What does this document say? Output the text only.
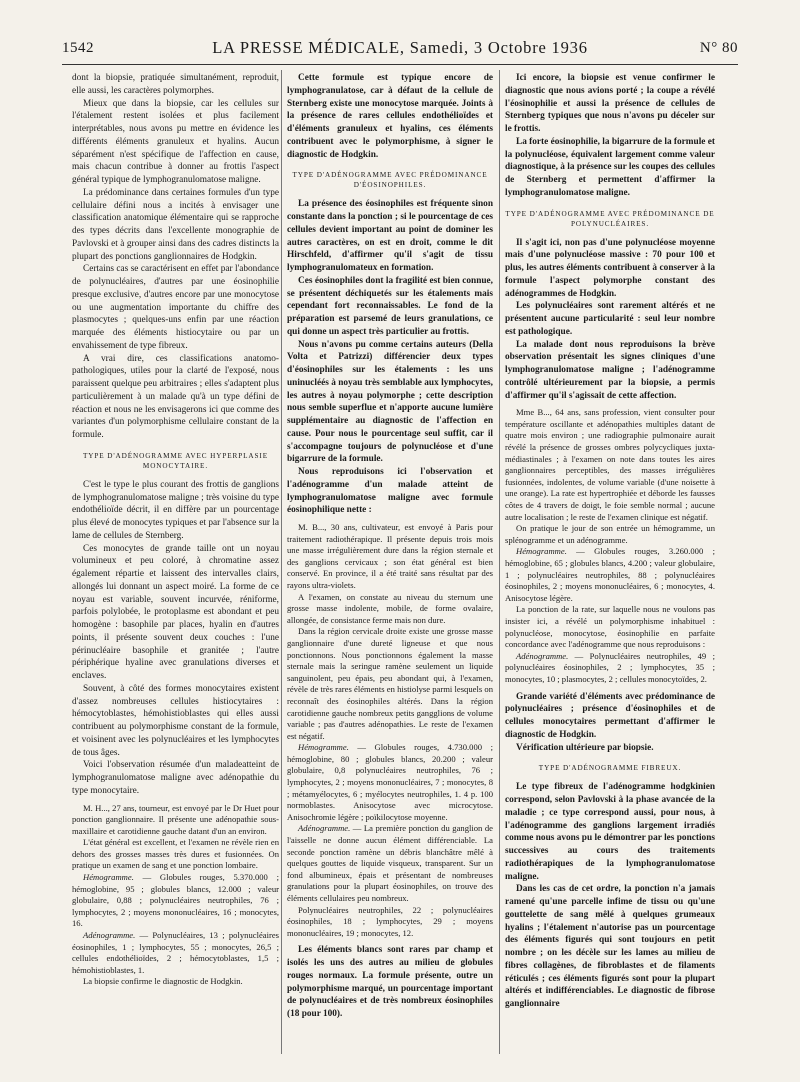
1542	LA PRESSE MÉDICALE, Samedi, 3 Octobre 1936	N° 80

dont la biopsie, pratiquée simultanément, reproduit, elle aussi, les caractères polymorphes.

Mieux que dans la biopsie, car les cellules sur l'étalement restent isolées et plus facilement interprétables, nous avons pu mettre en évidence les différents éléments granuleux et hyalins. Aucun séparément n'est spécifique de l'affection en cause, mais chacun contribue à donner au frottis l'aspect général typique de lymphogranulomatose maligne.

La prédominance dans certaines formules d'un type cellulaire défini nous a incités à envisager une classification anatomique élémentaire qui se rapproche des types décrits dans l'excellente monographie de Pavlovski et à grouper ainsi dans des cadres distincts la plupart des ponctions ganglionnaires de Hodgkin.

Certains cas se caractérisent en effet par l'abondance de polynucléaires, d'autres par une éosinophilie presque exclusive, d'autres encore par une monocytose ou une augmentation importante du chiffre des plasmocytes ; quelques-uns enfin par une réaction marquée des éléments histiocytaire ou par un envahissement de type fibreux.

A vrai dire, ces classifications anatomo-pathologiques, utiles pour la clarté de l'exposé, nous paraissent quelque peu arbitraires ; elles s'adaptent plus particulièrement à un malade qu'à un type défini de réaction et nous ne les envisagerons ici que comme des variantes d'un polymorphisme cellulaire constant de la formule.

TYPE D'ADÉNOGRAMME AVEC HYPERPLASIE MONOCYTAIRE.

C'est le type le plus courant des frottis de ganglions de lymphogranulomatose maligne ; très voisine du type endothélioïde décrit, il en diffère par un pourcentage plus élevé de monocytes typiques et par l'absence sur la lame de cellules de Sternberg.

Ces monocytes de grande taille ont un noyau volumineux et peu coloré, à chromatine assez également répartie et laissent des intervalles clairs, allongés lui donnant un aspect moiré. La forme de ce noyau est variable, souvent incurvée, réniforme, parfois polylobée, le protoplasme est abondant et peu homogène : basophile par places, hyalin en d'autres points, il présente souvent deux couches : l'une périnucléaire basophile et granitée ; l'autre périphérique hyaline avec granulations diverses et enclaves.

Souvent, à côté des formes monocytaires existent d'assez nombreuses cellules histiocytaires : hémocytoblastes, hémohistioblastes qui elles aussi contribuent au polymorphisme constant de la formule, et voisinent avec les polynucléaires et les lymphocytes de tous âges.

Voici l'observation résumée d'un maladeatteint de lymphogranulomatose maligne avec adénopathie du type monocytaire.

M. H..., 27 ans, tourneur, est envoyé par le Dr Huet pour ponction ganglionnaire. Il présente une adénopathie sous-maxillaire et carotidienne gauche datant d'un an environ.

L'état général est excellent, et l'examen ne révèle rien en dehors des grosses masses très dures et fusionnées. On pratique un examen de sang et une ponction lombaire.

Hémogramme. — Globules rouges, 5.370.000 ; hémoglobine, 95 ; globules blancs, 12.000 ; valeur globulaire, 0,88 ; polynucléaires neutrophiles, 76 ; lymphocytes, 2 ; moyens mononucléaires, 16 ; monocytes, 16.

Adénogramme. — Polynucléaires, 13 ; polynucléaires éosinophiles, 1 ; lymphocytes, 55 ; monocytes, 26,5 ; cellules endothélioïdes, 2 ; hémocytoblastes, 1,5 ; hémohistioblastes, 1.

La biopsie confirme le diagnostic de Hodgkin.

Cette formule est typique encore de lymphogranulatose, car à défaut de la cellule de Sternberg existe une monocytose marquée. Joints à la présence de rares cellules endothélioïdes et d'éléments granuleux et hyalins, ces éléments contribuent avec le polymorphisme, à signer le diagnostic de Hodgkin.

TYPE D'ADÉNOGRAMME AVEC PRÉDOMINANCE D'ÉOSINOPHILES.

La présence des éosinophiles est fréquente sinon constante dans la ponction ; si le pourcentage de ces cellules devient important au point de dominer les autres caractères, on est en droit, comme le dit Hirschfeld, d'affirmer qu'il s'agit de tissu lymphogranulomateux en formation.

Ces éosinophiles dont la fragilité est bien connue, se présentent déchiquetés sur les étalements mais cependant fort reconnaissables. Le fond de la préparation est parsemé de leurs granulations, ce qui donne un aspect très particulier au frottis.

Nous n'avons pu comme certains auteurs (Della Volta et Patrizzi) différencier deux types d'éosinophiles sur les étalements : les uns uninucléés à noyau très semblable aux lymphocytes, les autres à noyau polymorphe ; cette description nous semble superflue et n'apporte aucune lumière supplémentaire au diagnostic de l'affection en cause. Pour nous le pourcentage seul suffit, car il s'accompagne toujours de polynucléose et d'une bigarrure de la formule.

Nous reproduisons ici l'observation et l'adénogramme d'un malade atteint de lymphogranulomatose maligne avec formule éosinophilique nette :

M. B..., 30 ans, cultivateur, est envoyé à Paris pour traitement radiothérapique. Il présente depuis trois mois une masse irrégulièrement dure dans la région sternale et des ganglions cervicaux ; son état général est bien conservé. En province, il a été traité sans résultat par des rayons ultra-violets.

A l'examen, on constate au niveau du sternum une grosse masse indolente, mobile, de forme ovalaire, allongée, de consistance ferme mais non dure.

Dans la région cervicale droite existe une grosse masse ganglionnaire d'une dureté ligneuse et que nous ponctionnons. Nous ponctionnons également la masse sternale mais la seringue ramène seulement un liquide sanguinolent, peu épais, peu abondant qui, à l'examen, révèle de très rares éléments en histiolyse parmi lesquels on reconnaît des éosinophiles altérés. Dans la région carotidienne gauche nombreux petits gangglions de volume variable ; pas d'autres adénopathies. Le reste de l'examen est négatif.

Hémogramme. — Globules rouges, 4.730.000 ; hémoglobine, 80 ; globules blancs, 20.200 ; valeur globulaire, 0,8 polynucléaires neutrophiles, 76 ; lymphocytes, 2 ; moyens mononucléaires, 7 ; monocytes, 8 ; métamyélocytes, 6 ; myélocytes neutrophiles, 1. 4 p. 100 normoblastes. Anisocytose avec microcytose. Anisochromie légère ; poïkilocytose moyenne.

Adénogramme. — La première ponction du ganglion de l'aisselle ne donne aucun élément différenciable. La seconde ponction ramène un débris blanchâtre mêlé à quelques gouttes de liquide visqueux, transparent. Sur un fond albumineux, épais et présentant de nombreuses granulations pour la plupart éosinophiles, on trouve des éléments cellulaires peu nombreux.

Polynucléaires neutrophiles, 22 ; polynucléaires éosinophiles, 18 ; lymphocytes, 29 ; moyens mononucléaires, 19 ; monocytes, 12.

Les éléments blancs sont rares par champ et isolés les uns des autres au milieu de globules rouges normaux. La formule présente, outre un polymorphisme marqué, un pourcentage important de polynucléaires et de très nombreux éosinophiles (18 pour 100).

Ici encore, la biopsie est venue confirmer le diagnostic que nous avions porté ; la coupe a révélé l'éosinophilie et aussi la présence de cellules de Sternberg typiques que nous n'avons pu déceler sur le frottis.

La forte éosinophilie, la bigarrure de la formule et la polynucléose, équivalent largement comme valeur diagnostique, à la présence sur les coupes des cellules de Sternberg et permettent d'affirmer la lymphogranulomatose maligne.

TYPE D'ADÉNOGRAMME AVEC PRÉDOMINANCE DE POLYNUCLÉAIRES.

Il s'agit ici, non pas d'une polynucléose moyenne mais d'une polynucléose massive : 70 pour 100 et plus, les autres éléments contribuent à conserver à la formule l'aspect polymorphe constant des adénogrammes de Hodgkin.

Les polynucléaires sont rarement altérés et ne présentent aucune particularité : seul leur nombre est pathologique.

La malade dont nous reproduisons la brève observation présentait les signes cliniques d'une lymphogranulomatose maligne ; l'adénogramme contrôlé ultérieurement par la biopsie, a permis d'affirmer qu'il s'agissait de cette affection.

Mme B..., 64 ans, sans profession, vient consulter pour température oscillante et adénopathies multiples datant de quatre mois environ ; une radiographie pulmonaire aurait révélé la présence de grosses ombres polycycliques juxta-médiastinales ; à l'examen on note dans toutes les aires ganglionnaires perceptibles, des masses irrégulières fusionnées, indolentes, de volume variable (d'une noisette à une orange). La rate est hypertrophiée et déborde les fausses côtes de 4 travers de doigt, le foie semble normal ; aucune autre localisation ; le reste de l'examen clinique est négatif.

On pratique le jour de son entrée un hémogramme, un splénogramme et un adénogramme.

Hémogramme. — Globules rouges, 3.260.000 ; hémoglobine, 65 ; globules blancs, 4.200 ; valeur globulaire, 1 ; polynucléaires neutrophiles, 88 ; polynucléaires éosinophiles, 2 ; moyens mononucléaires, 6 ; monocytes, 4. Anisocytose légère.

La ponction de la rate, sur laquelle nous ne voulons pas insister ici, a révélé un polymorphisme inhabituel : polynucléose, monocytose, éosinophilie en parfaite concordance avec l'adénogramme que nous reproduisons :

Adénogramme. — Polynucléaires neutrophiles, 49 ; polynucléaires éosinophiles, 2 ; lymphocytes, 35 ; monocytes, 10 ; plasmocytes, 2 ; cellules monocytoïdes, 2.

Grande variété d'éléments avec prédominance de polynucléaires ; présence d'éosinophiles et de cellules monocytaires permettant d'affirmer le diagnostic de Hodgkin.

Vérification ultérieure par biopsie.

TYPE D'ADÉNOGRAMME FIBREUX.

Le type fibreux de l'adénogramme hodgkinien correspond, selon Pavlovski à la phase avancée de la maladie ; ce type correspond aussi, pour nous, à l'adénogramme des ganglions largement irradiés comme nous avons pu le démontrer par les ponctions successives au cours des traitements radiothérapiques de la lymphogranulomatose maligne.

Dans les cas de cet ordre, la ponction n'a jamais ramené qu'une parcelle infime de tissu ou qu'une gouttelette de sang mêlé à quelques grumeaux hyalins ; l'étalement n'autorise pas un pourcentage des éléments figurés qui sont toujours en petit nombre ; on les décèle sur les lames au milieu de fibres collagènes, de fibroblastes et de filaments réticulés ; ces éléments figurés sont pour la plupart altérés et indifférenciables. Le diagnostic de fibrose ganglionnaire
